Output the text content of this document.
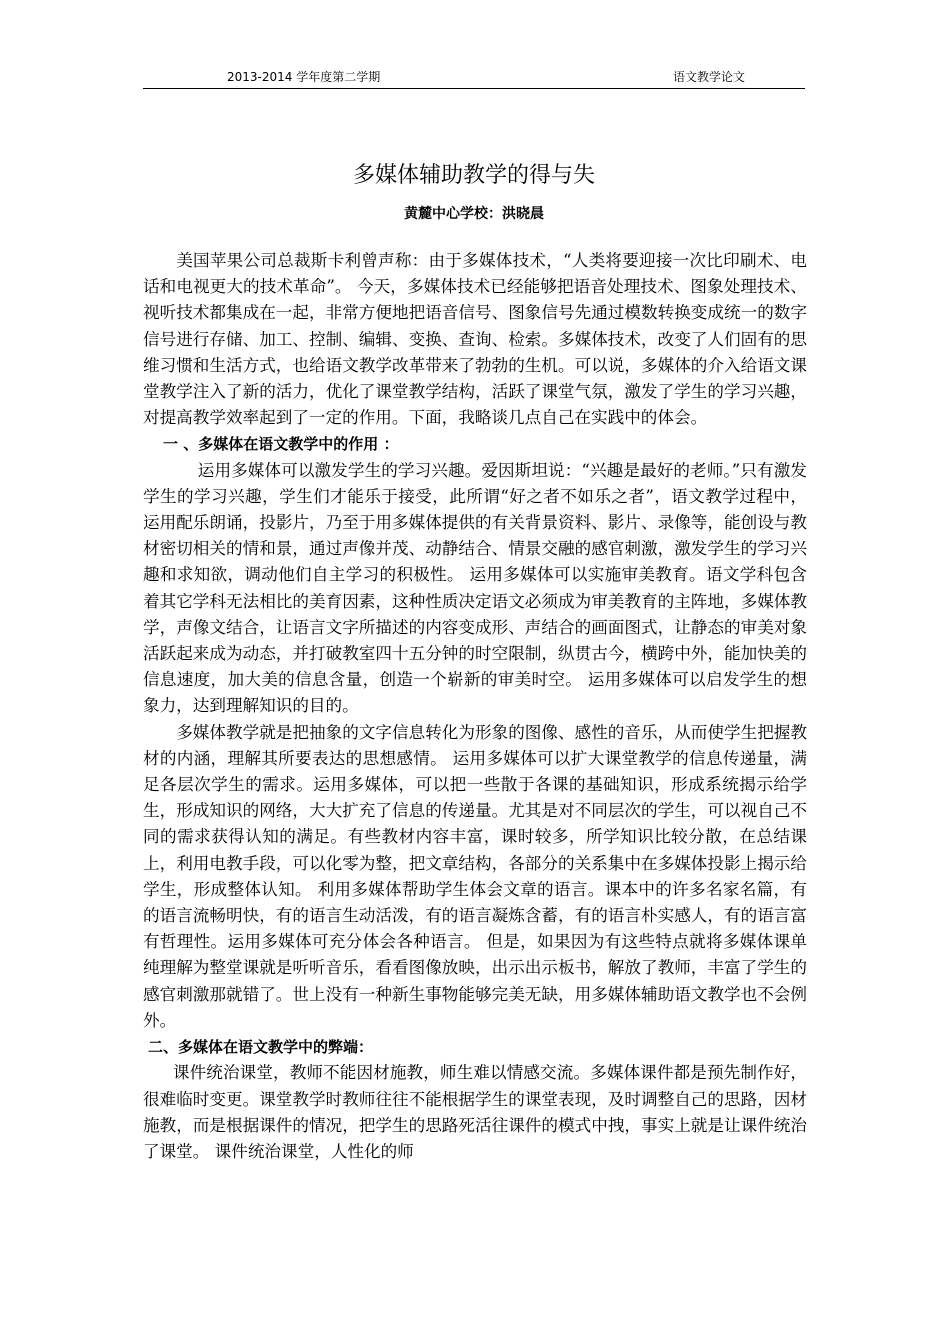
2013-2014 学年度第二学期	语文教学论文
多媒体辅助教学的得与失
黄麓中心学校：洪晓晨

美国苹果公司总裁斯卡利曾声称：由于多媒体技术，“人类将要迎接一次比印刷术、电话和电视更大的技术革命”。 今天，多媒体技术已经能够把语音处理技术、图象处理技术、视听技术都集成在一起，非常方便地把语音信号、图象信号先通过模数转换变成统一的数字信号进行存储、加工、控制、编辑、变换、查询、检索。多媒体技术，改变了人们固有的思维习惯和生活方式，也给语文教学改革带来了勃勃的生机。可以说，多媒体的介入给语文课堂教学注入了新的活力，优化了课堂教学结构，活跃了课堂气氛，激发了学生的学习兴趣，对提高教学效率起到了一定的作用。下面，我略谈几点自己在实践中的体会。

一 、多媒体在语文教学中的作用 ：

运用多媒体可以激发学生的学习兴趣。爱因斯坦说：“兴趣是最好的老师。”只有激发学生的学习兴趣，学生们才能乐于接受，此所谓“好之者不如乐之者”，语文教学过程中，运用配乐朗诵，投影片，乃至于用多媒体提供的有关背景资料、影片、录像等，能创设与教材密切相关的情和景，通过声像并茂、动静结合、情景交融的感官刺激，激发学生的学习兴趣和求知欲，调动他们自主学习的积极性。 运用多媒体可以实施审美教育。语文学科包含着其它学科无法相比的美育因素，这种性质决定语文必须成为审美教育的主阵地，多媒体教学，声像文结合，让语言文字所描述的内容变成形、声结合的画面图式，让静态的审美对象活跃起来成为动态，并打破教室四十五分钟的时空限制，纵贯古今，横跨中外，能加快美的信息速度，加大美的信息含量，创造一个崭新的审美时空。 运用多媒体可以启发学生的想象力，达到理解知识的目的。

多媒体教学就是把抽象的文字信息转化为形象的图像、感性的音乐，从而使学生把握教材的内涵，理解其所要表达的思想感情。 运用多媒体可以扩大课堂教学的信息传递量，满足各层次学生的需求。运用多媒体，可以把一些散于各课的基础知识，形成系统揭示给学生，形成知识的网络，大大扩充了信息的传递量。尤其是对不同层次的学生，可以视自己不同的需求获得认知的满足。有些教材内容丰富，课时较多，所学知识比较分散，在总结课上，利用电教手段，可以化零为整，把文章结构，各部分的关系集中在多媒体投影上揭示给学生，形成整体认知。 利用多媒体帮助学生体会文章的语言。课本中的许多名家名篇，有的语言流畅明快，有的语言生动活泼，有的语言凝炼含蓄，有的语言朴实感人，有的语言富有哲理性。运用多媒体可充分体会各种语言。 但是，如果因为有这些特点就将多媒体课单纯理解为整堂课就是听听音乐，看看图像放映，出示出示板书，解放了教师，丰富了学生的感官刺激那就错了。世上没有一种新生事物能够完美无缺，用多媒体辅助语文教学也不会例外。

二、多媒体在语文教学中的弊端：

课件统治课堂，教师不能因材施教，师生难以情感交流。多媒体课件都是预先制作好，很难临时变更。课堂教学时教师往往不能根据学生的课堂表现，及时调整自己的思路，因材施教，而是根据课件的情况，把学生的思路死活往课件的模式中拽，事实上就是让课件统治了课堂。 课件统治课堂，人性化的师
